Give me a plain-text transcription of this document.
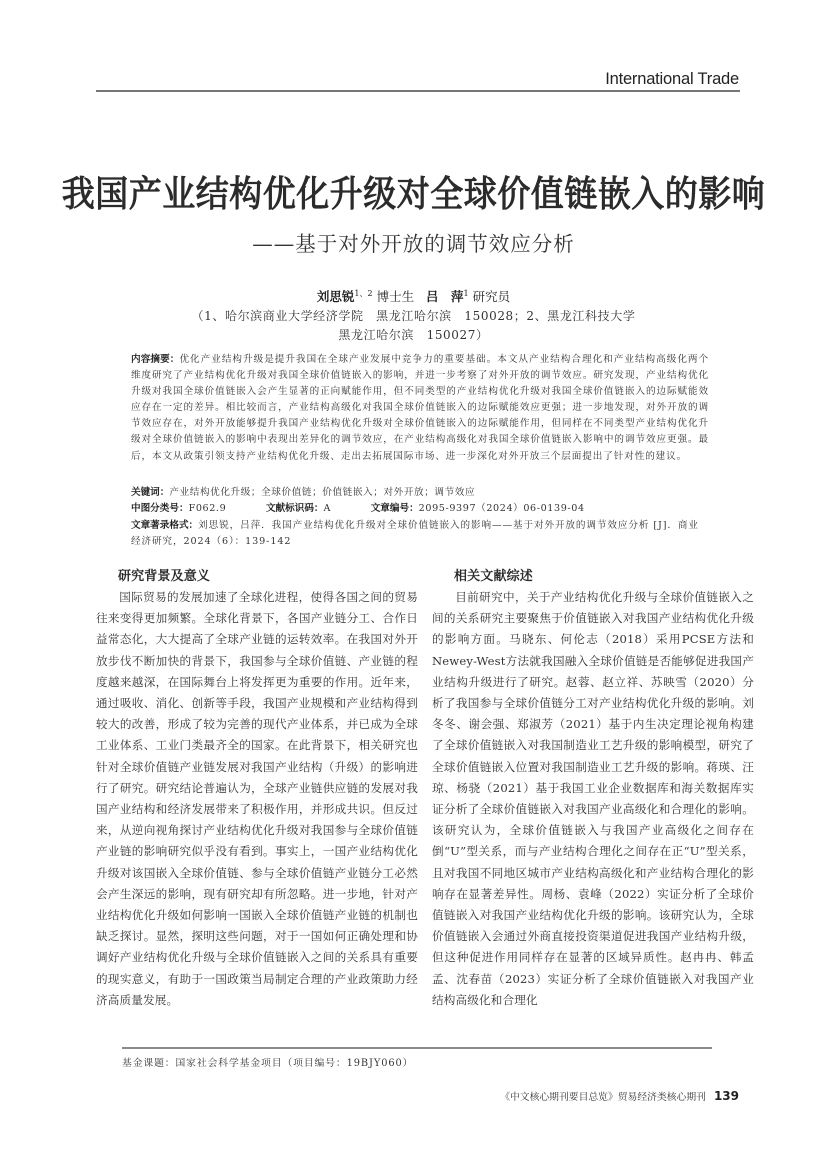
International Trade
我国产业结构优化升级对全球价值链嵌入的影响
——基于对外开放的调节效应分析
刘思锐$^{1、2}$ 博士生 吕　萍$^1$ 研究员
（1、哈尔滨商业大学经济学院　黑龙江哈尔滨　150028；2、黑龙江科技大学
黑龙江哈尔滨　150027）
内容摘要：优化产业结构升级是提升我国在全球产业发展中竞争力的重要基础。本文从产业结构合理化和产业结构高级化两个维度研究了产业结构优化升级对我国全球价值链嵌入的影响，并进一步考察了对外开放的调节效应。研究发现，产业结构优化升级对我国全球价值链嵌入会产生显著的正向赋能作用，但不同类型的产业结构优化升级对我国全球价值链嵌入的边际赋能效应存在一定的差异。相比较而言，产业结构高级化对我国全球价值链嵌入的边际赋能效应更强；进一步地发现，对外开放的调节效应存在，对外开放能够提升我国产业结构优化升级对全球价值链嵌入的边际赋能作用，但同样在不同类型产业结构优化升级对全球价值链嵌入的影响中表现出差异化的调节效应，在产业结构高级化对我国全球价值链嵌入影响中的调节效应更强。最后，本文从政策引领支持产业结构优化升级、走出去拓展国际市场、进一步深化对外开放三个层面提出了针对性的建议。
关键词：产业结构优化升级；全球价值链；价值链嵌入；对外开放；调节效应
中图分类号：F062.9	文献标识码：A	文章编号：2095-9397（2024）06-0139-04
文章著录格式：刘思锐，吕萍．我国产业结构优化升级对全球价值链嵌入的影响——基于对外开放的调节效应分析 [J]．商业经济研究，2024（6）：139-142
研究背景及意义

国际贸易的发展加速了全球化进程，使得各国之间的贸易往来变得更加频繁。全球化背景下，各国产业链分工、合作日益常态化，大大提高了全球产业链的运转效率。在我国对外开放步伐不断加快的背景下，我国参与全球价值链、产业链的程度越来越深，在国际舞台上将发挥更为重要的作用。近年来，通过吸收、消化、创新等手段，我国产业规模和产业结构得到较大的改善，形成了较为完善的现代产业体系，并已成为全球工业体系、工业门类最齐全的国家。在此背景下，相关研究也针对全球价值链产业链发展对我国产业结构（升级）的影响进行了研究。研究结论普遍认为，全球产业链供应链的发展对我国产业结构和经济发展带来了积极作用，并形成共识。但反过来，从逆向视角探讨产业结构优化升级对我国参与全球价值链产业链的影响研究似乎没有看到。事实上，一国产业结构优化升级对该国嵌入全球价值链、参与全球价值链产业链分工必然会产生深远的影响，现有研究却有所忽略。进一步地，针对产业结构优化升级如何影响一国嵌入全球价值链产业链的机制也缺乏探讨。显然，探明这些问题，对于一国如何正确处理和协调好产业结构优化升级与全球价值链嵌入之间的关系具有重要的现实意义，有助于一国政策当局制定合理的产业政策助力经济高质量发展。

相关文献综述

目前研究中，关于产业结构优化升级与全球价值链嵌入之间的关系研究主要聚焦于价值链嵌入对我国产业结构优化升级的影响方面。马晓东、何伦志（2018）采用PCSE方法和Newey-West方法就我国融入全球价值链是否能够促进我国产业结构升级进行了研究。赵蓉、赵立祥、苏映雪（2020）分析了我国参与全球价值链分工对产业结构优化升级的影响。刘冬冬、谢会强、郑淑芳（2021）基于内生决定理论视角构建了全球价值链嵌入对我国制造业工艺升级的影响模型，研究了全球价值链嵌入位置对我国制造业工艺升级的影响。蒋瑛、汪琼、杨骁（2021）基于我国工业企业数据库和海关数据库实证分析了全球价值链嵌入对我国产业高级化和合理化的影响。该研究认为，全球价值链嵌入与我国产业高级化之间存在倒“U”型关系，而与产业结构合理化之间存在正“U”型关系，且对我国不同地区城市产业结构高级化和产业结构合理化的影响存在显著差异性。周杨、袁峰（2022）实证分析了全球价值链嵌入对我国产业结构优化升级的影响。该研究认为，全球价值链嵌入会通过外商直接投资渠道促进我国产业结构升级，但这种促进作用同样存在显著的区域异质性。赵冉冉、韩孟孟、沈春苗（2023）实证分析了全球价值链嵌入对我国产业结构高级化和合理化

基金课题：国家社会科学基金项目（项目编号：19BJY060）
《中文核心期刊要目总览》贸易经济类核心期刊 139
